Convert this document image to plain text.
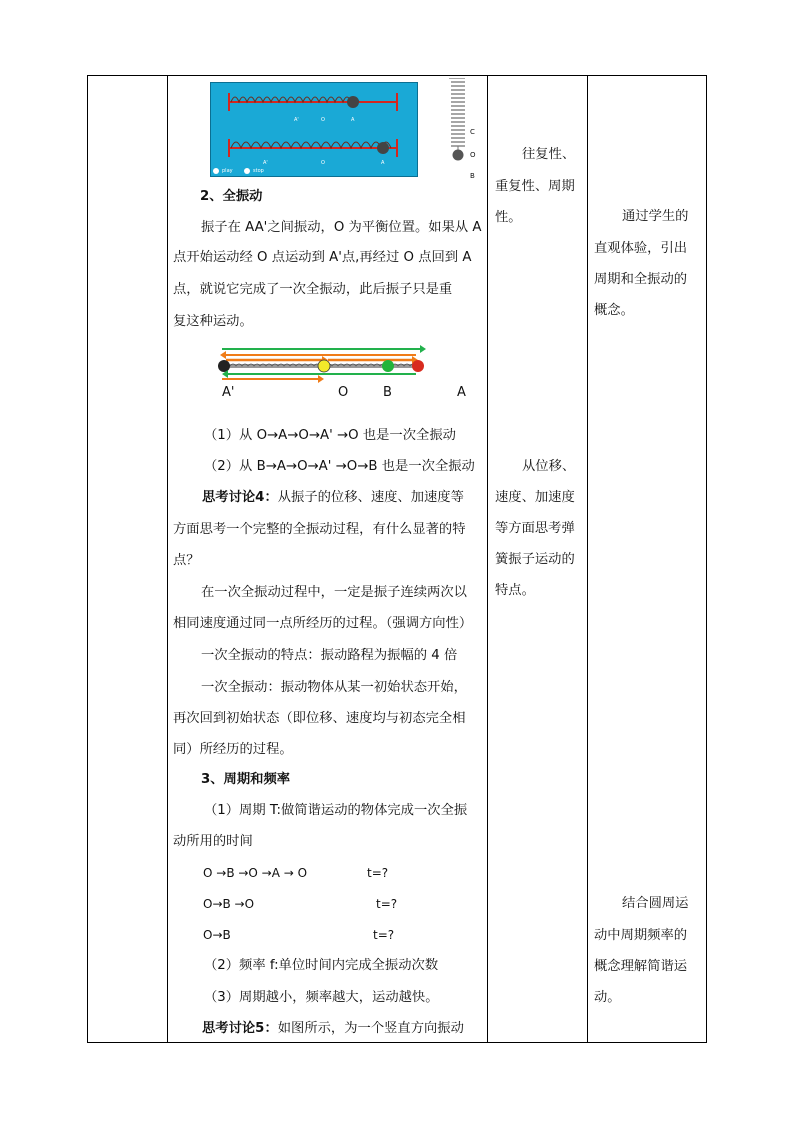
A'	O	A
A'	O	A
play	stop
C
O
B
A'	O	B	A
2、全振动
振子在 AA'之间振动，O 为平衡位置。如果从 A
点开始运动经 O 点运动到 A'点,再经过 O 点回到 A
点，就说它完成了一次全振动，此后振子只是重
复这种运动。
（1）从 O→A→O→A' →O 也是一次全振动
（2）从 B→A→O→A' →O→B 也是一次全振动
思考讨论4：从振子的位移、速度、加速度等
方面思考一个完整的全振动过程，有什么显著的特
点？
在一次全振动过程中，一定是振子连续两次以
相同速度通过同一点所经历的过程。（强调方向性）
一次全振动的特点：振动路程为振幅的 4 倍
一次全振动：振动物体从某一初始状态开始，
再次回到初始状态（即位移、速度均与初态完全相
同）所经历的过程。
3、周期和频率
（1）周期 T:做简谐运动的物体完成一次全振
动所用的时间
O →B →O →A → O	t=?
O→B →O	t=?
O→B	t=?
（2）频率 f:单位时间内完成全振动次数
（3）周期越小，频率越大，运动越快。
思考讨论5：如图所示，为一个竖直方向振动
往复性、
重复性、周期
性。
从位移、
速度、加速度
等方面思考弹
簧振子运动的
特点。
通过学生的
直观体验，引出
周期和全振动的
概念。
结合圆周运
动中周期频率的
概念理解简谐运
动。
